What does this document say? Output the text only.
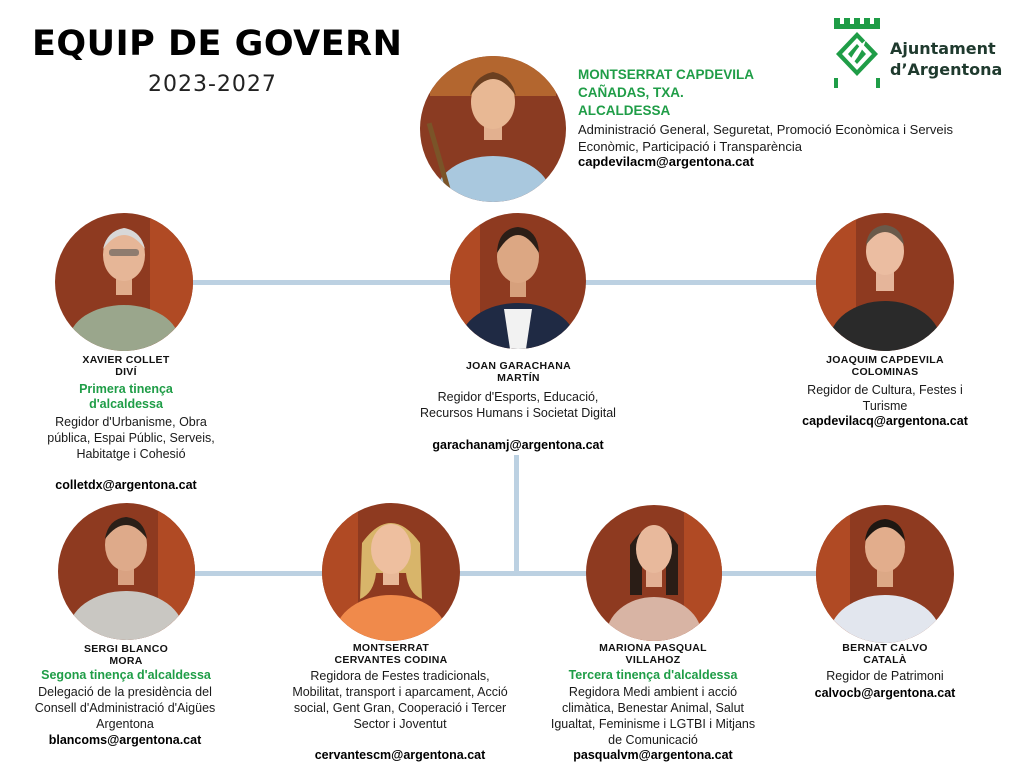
EQUIP DE GOVERN
2023-2027
Ajuntament
d’Argentona
MONTSERRAT CAPDEVILA CAÑADAS, TXA.
ALCALDESSA
Administració General, Seguretat, Promoció Econòmica i Serveis Econòmic, Participació i Transparència
capdevilacm@argentona.cat
XAVIER COLLET
DIVÍ
Primera tinença d'alcaldessa
Regidor d'Urbanisme, Obra pública, Espai Públic, Serveis, Habitatge i Cohesió
colletdx@argentona.cat
JOAN GARACHANA
MARTÍN
Regidor d'Esports, Educació, Recursos Humans i Societat Digital
garachanamj@argentona.cat
JOAQUIM CAPDEVILA
COLOMINAS
Regidor de Cultura, Festes i Turisme
capdevilacq@argentona.cat
SERGI BLANCO
MORA
Segona tinença d'alcaldessa
Delegació de la presidència del Consell d'Administració d'Aigües Argentona
blancoms@argentona.cat
MONTSERRAT
CERVANTES CODINA
Regidora de Festes tradicionals, Mobilitat, transport i aparcament, Acció social, Gent Gran, Cooperació i Tercer Sector i Joventut
cervantescm@argentona.cat
MARIONA PASQUAL
VILLAHOZ
Tercera tinença d'alcaldessa
Regidora Medi ambient i acció climàtica, Benestar Animal, Salut Igualtat, Feminisme i LGTBI i Mitjans de Comunicació
pasqualvm@argentona.cat
BERNAT CALVO
CATALÀ
Regidor de Patrimoni
calvocb@argentona.cat
